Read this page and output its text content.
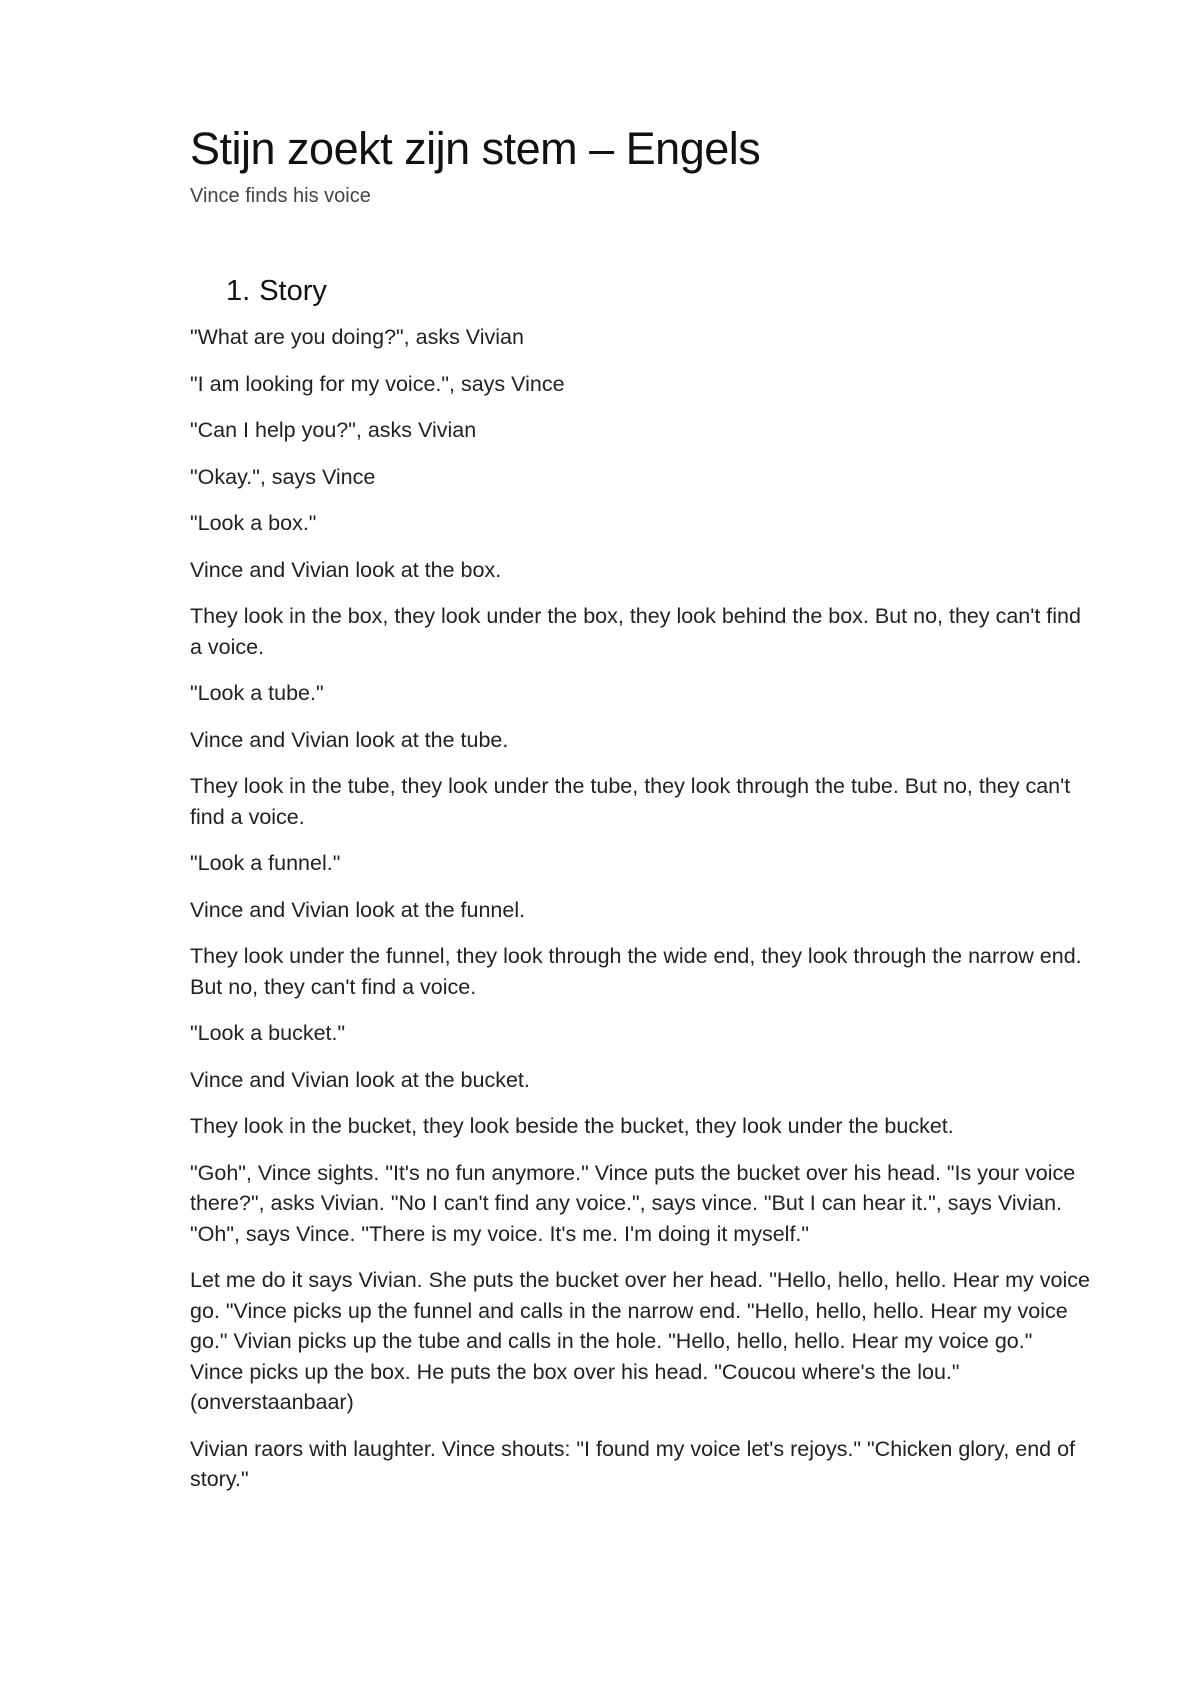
Stijn zoekt zijn stem – Engels

Vince finds his voice

1. Story

"What are you doing?", asks Vivian

"I am looking for my voice.", says Vince

"Can I help you?", asks Vivian

"Okay.", says Vince

"Look a box."

Vince and Vivian look at the box.

They look in the box, they look under the box, they look behind the box. But no, they can't find a voice.

"Look a tube."

Vince and Vivian look at the tube.

They look in the tube, they look under the tube, they look through the tube. But no, they can't find a voice.

"Look a funnel."

Vince and Vivian look at the funnel.

They look under the funnel, they look through the wide end, they look through the narrow end. But no, they can't find a voice.

"Look a bucket."

Vince and Vivian look at the bucket.

They look in the bucket, they look beside the bucket, they look under the bucket.

"Goh", Vince sights. "It's no fun anymore." Vince puts the bucket over his head. "Is your voice there?", asks Vivian. "No I can't find any voice.", says vince. "But I can hear it.", says Vivian. "Oh", says Vince. "There is my voice. It's me. I'm doing it myself."

Let me do it says Vivian. She puts the bucket over her head. "Hello, hello, hello. Hear my voice go. "Vince picks up the funnel and calls in the narrow end. "Hello, hello, hello. Hear my voice go." Vivian picks up the tube and calls in the hole. "Hello, hello, hello. Hear my voice go." Vince picks up the box. He puts the box over his head. "Coucou where's the lou."(onverstaanbaar)

Vivian raors with laughter. Vince shouts: "I found my voice let's rejoys." "Chicken glory, end of story."
